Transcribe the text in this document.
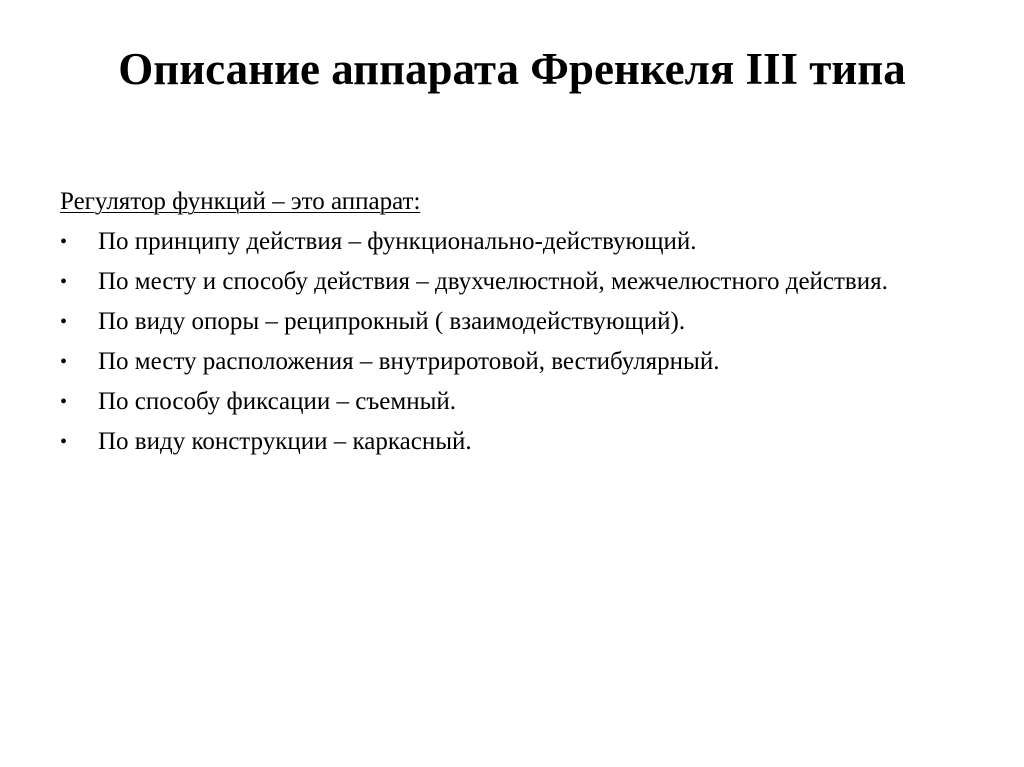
Описание аппарата Френкеля III типа

Регулятор функций – это аппарат:

• По принципу действия – функционально-действующий.
• По месту и способу действия – двухчелюстной, межчелюстного действия.
• По виду опоры – реципрокный ( взаимодействующий).
• По месту расположения – внутриротовой, вестибулярный.
• По способу фиксации – съемный.
• По виду конструкции – каркасный.
